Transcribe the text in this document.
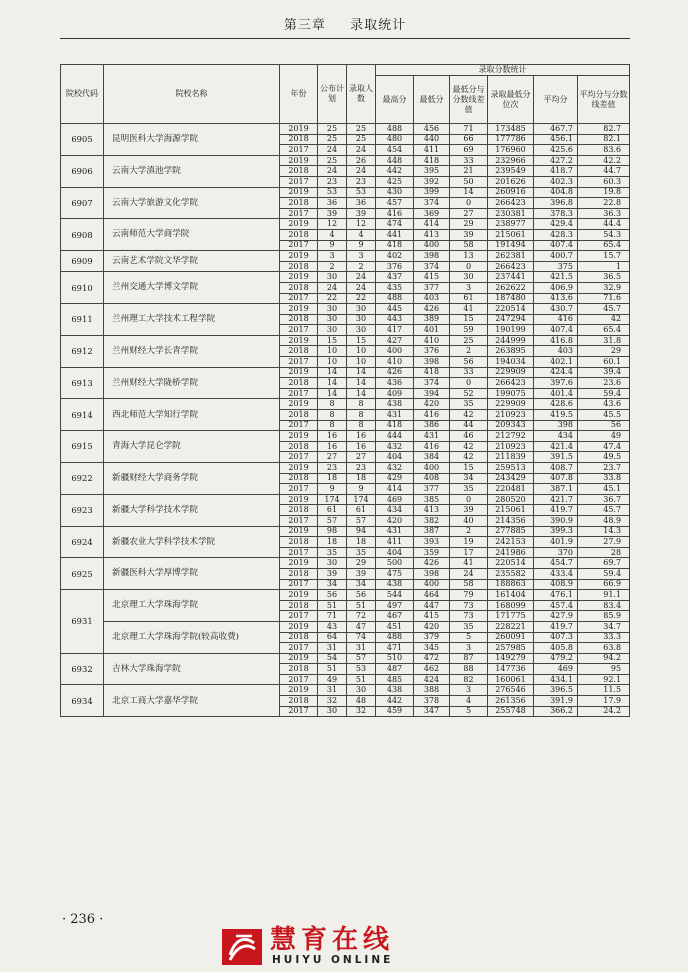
第三章 录取统计
院校代码	院校名称	年份	公布计划	录取人数	录取分数统计					
					最高分	最低分	最低分与分数线差值	录取最低分位次	平均分	平均分与分数线差值
6905	昆明医科大学海源学院	2019	25	25	488	456	71	173485	467.7	82.7
		2018	25	25	480	440	66	177786	456.1	82.1
		2017	24	24	454	411	69	176960	425.6	83.6
6906	云南大学滇池学院	2019	25	26	448	418	33	232966	427.2	42.2
		2018	24	24	442	395	21	239549	418.7	44.7
		2017	23	23	425	392	50	201626	402.3	60.3
6907	云南大学旅游文化学院	2019	53	53	430	399	14	260916	404.8	19.8
		2018	36	36	457	374	0	266423	396.8	22.8
		2017	39	39	416	369	27	230381	378.3	36.3
6908	云南师范大学商学院	2019	12	12	474	414	29	238977	429.4	44.4
		2018	4	4	441	413	39	215061	428.3	54.3
		2017	9	9	418	400	58	191494	407.4	65.4
6909	云南艺术学院文华学院	2019	3	3	402	398	13	262381	400.7	15.7
		2018	2	2	376	374	0	266423	375	1
6910	兰州交通大学博文学院	2019	30	24	437	415	30	237441	421.5	36.5
		2018	24	24	435	377	3	262622	406.9	32.9
		2017	22	22	488	403	61	187480	413.6	71.6
6911	兰州理工大学技术工程学院	2019	30	30	445	426	41	220514	430.7	45.7
		2018	30	30	443	389	15	247294	416	42
		2017	30	30	417	401	59	190199	407.4	65.4
6912	兰州财经大学长青学院	2019	15	15	427	410	25	244999	416.8	31.8
		2018	10	10	400	376	2	263895	403	29
		2017	10	10	410	398	56	194034	402.1	60.1
6913	兰州财经大学陇桥学院	2019	14	14	426	418	33	229909	424.4	39.4
		2018	14	14	436	374	0	266423	397.6	23.6
		2017	14	14	409	394	52	199075	401.4	59.4
6914	西北师范大学知行学院	2019	8	8	438	420	35	229909	428.6	43.6
		2018	8	8	431	416	42	210923	419.5	45.5
		2017	8	8	418	386	44	209343	398	56
6915	青海大学昆仑学院	2019	16	16	444	431	46	212792	434	49
		2018	16	16	432	416	42	210923	421.4	47.4
		2017	27	27	404	384	42	211839	391.5	49.5
6922	新疆财经大学商务学院	2019	23	23	432	400	15	259513	408.7	23.7
		2018	18	18	429	408	34	243429	407.8	33.8
		2017	9	9	414	377	35	220481	387.1	45.1
6923	新疆大学科学技术学院	2019	174	174	469	385	0	280520	421.7	36.7
		2018	61	61	434	413	39	215061	419.7	45.7
		2017	57	57	420	382	40	214356	390.9	48.9
6924	新疆农业大学科学技术学院	2019	98	94	431	387	2	277885	399.3	14.3
		2018	18	18	411	393	19	242153	401.9	27.9
		2017	35	35	404	359	17	241986	370	28
6925	新疆医科大学厚博学院	2019	30	29	500	426	41	220514	454.7	69.7
		2018	39	39	475	398	24	235582	433.4	59.4
		2017	34	34	438	400	58	188863	408.9	66.9
6931	北京理工大学珠海学院	2019	56	56	544	464	79	161404	476.1	91.1
		2018	51	51	497	447	73	168099	457.4	83.4
		2017	71	72	467	415	73	171775	427.9	85.9
	北京理工大学珠海学院(较高收费)	2019	43	47	451	420	35	228221	419.7	34.7
		2018	64	74	488	379	5	260091	407.3	33.3
		2017	31	31	471	345	3	257985	405.8	63.8
6932	吉林大学珠海学院	2019	54	57	510	472	87	149279	479.2	94.2
		2018	51	53	487	462	88	147736	469	95
		2017	49	51	485	424	82	160061	434.1	92.1
6934	北京工商大学嘉华学院	2019	31	30	438	388	3	276546	396.5	11.5
		2018	32	48	442	378	4	261356	391.9	17.9
		2017	30	32	459	347	5	255748	366.2	24.2
· 236 ·
慧育在线
HUIYU ONLINE
